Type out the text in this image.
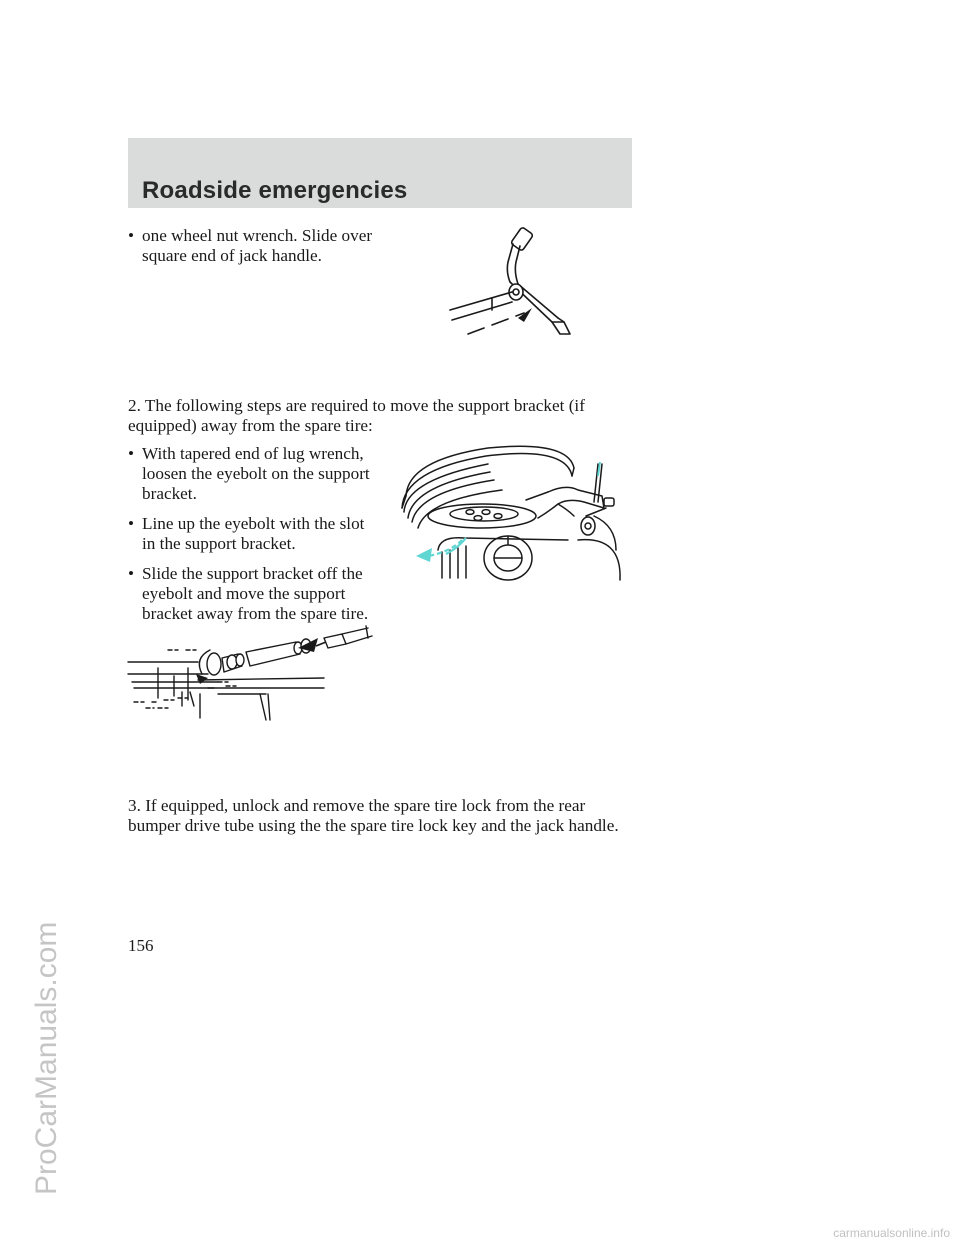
Roadside emergencies
• one wheel nut wrench. Slide over
square end of jack handle.
2. The following steps are required to move the support bracket (if
equipped) away from the spare tire:
• With tapered end of lug wrench,
loosen the eyebolt on the support
bracket.
• Line up the eyebolt with the slot
in the support bracket.
• Slide the support bracket off the
eyebolt and move the support
bracket away from the spare tire.
3. If equipped, unlock and remove the spare tire lock from the rear
bumper drive tube using the the spare tire lock key and the jack handle.
156
ProCarManuals.com
carmanualsonline.info
